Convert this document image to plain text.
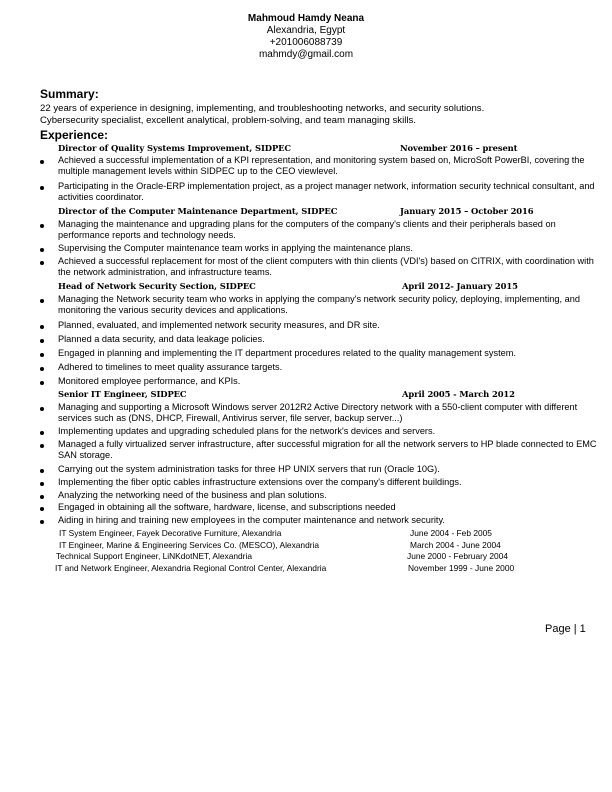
Mahmoud Hamdy Neana
Alexandria, Egypt
+201006088739
mahmdy@gmail.com
Summary:
22 years of experience in designing, implementing, and troubleshooting networks, and security solutions.
Cybersecurity specialist, excellent analytical, problem-solving, and team managing skills.
Experience:
Director of Quality Systems Improvement, SIDPEC	November 2016 – present
Achieved a successful implementation of a KPI representation, and monitoring system based on, MicroSoft PowerBI, covering the multiple management levels within SIDPEC up to the CEO viewlevel.
Participating in the Oracle-ERP implementation project, as a project manager network, information security technical consultant, and activities coordinator.
Director of the Computer Maintenance Department, SIDPEC	January 2015 – October 2016
Managing the maintenance and upgrading plans for the computers of the company's clients and their peripherals based on performance reports and technology needs.
Supervising the Computer maintenance team works in applying the maintenance plans.
Achieved a successful replacement for most of the client computers with thin clients (VDI's) based on CITRIX, with coordination with the network administration, and infrastructure teams.
Head of Network Security Section, SIDPEC	April 2012- January 2015
Managing the Network security team who works in applying the company's network security policy, deploying, implementing, and monitoring the various security devices and applications.
Planned, evaluated, and implemented network security measures, and DR site.
Planned a data security, and data leakage policies.
Engaged in planning and implementing the IT department procedures related to the quality management system.
Adhered to timelines to meet quality assurance targets.
Monitored employee performance, and KPIs.
Senior IT Engineer, SIDPEC	April 2005 - March 2012
Managing and supporting a Microsoft Windows server 2012R2 Active Directory network with a 550-client computer with different services such as (DNS, DHCP, Firewall, Antivirus server, file server, backup server...)
Implementing updates and upgrading scheduled plans for the network's devices and servers.
Managed a fully virtualized server infrastructure, after successful migration for all the network servers to HP blade connected to EMC SAN storage.
Carrying out the system administration tasks for three HP UNIX servers that run (Oracle 10G).
Implementing the fiber optic cables infrastructure extensions over the company's different buildings.
Analyzing the networking need of the business and plan solutions.
Engaged in obtaining all the software, hardware, license, and subscriptions needed
Aiding in hiring and training new employees in the computer maintenance and network security.
IT System Engineer, Fayek Decorative Furniture, Alexandria	June 2004 - Feb 2005
IT Engineer, Marine & Engineering Services Co. (MESCO), Alexandria	March 2004 - June 2004
Technical Support Engineer, LiNKdotNET, Alexandria	June 2000 - February 2004
IT and Network Engineer, Alexandria Regional Control Center, Alexandria	November 1999 - June 2000
Page | 1
